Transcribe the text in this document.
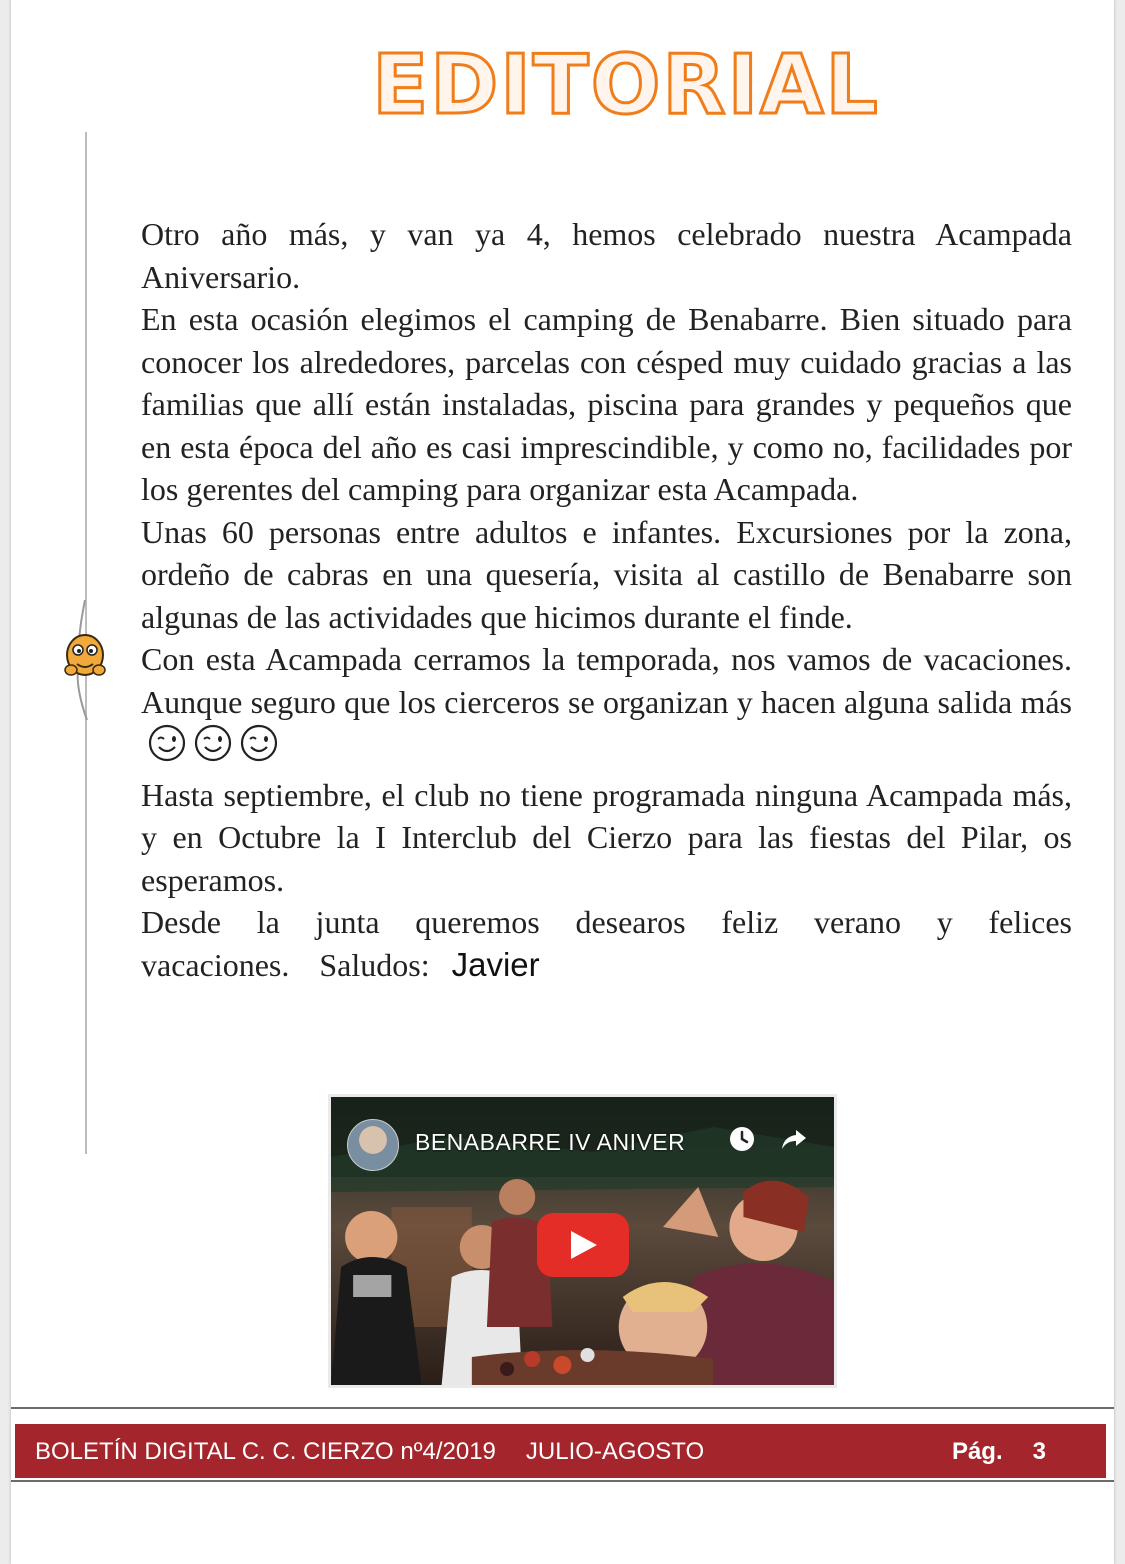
EDITORIAL

Otro año más, y van ya 4, hemos celebrado nuestra Acampada Aniversario.

En esta ocasión elegimos el camping de Benabarre. Bien situado para conocer los alrededores, parcelas con césped muy cuidado gracias a las familias que allí están instaladas, piscina para grandes y pequeños que en esta época del año es casi imprescindible, y como no, facilidades por los gerentes del camping para organizar esta Acampada.

Unas 60 personas entre adultos e infantes. Excursiones por la zona, ordeño de cabras en una quesería, visita al castillo de Benabarre son algunas de las actividades que hicimos durante el finde.

Con esta Acampada cerramos la temporada, nos vamos de vacaciones. Aunque seguro que los cierceros se organizan y hacen alguna salida más

Hasta septiembre, el club no tiene programada ninguna Acampada más, y en Octubre la I Interclub del Cierzo para las fiestas del Pilar, os esperamos.

Desde la junta queremos desearos feliz verano y felices vacaciones. Saludos: Javier

BENABARRE IV ANIVER
BOLETÍN DIGITAL C. C. CIERZO nº4/2019 JULIO-AGOSTO	Pág. 3
